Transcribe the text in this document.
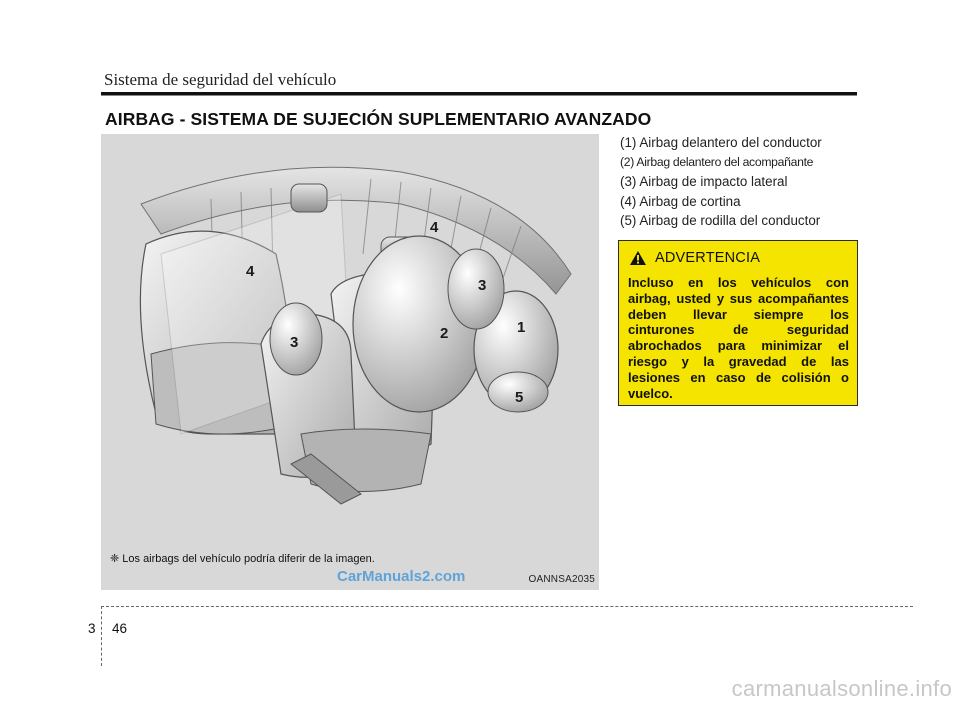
Sistema de seguridad del vehículo
AIRBAG - SISTEMA DE SUJECIÓN SUPLEMENTARIO AVANZADO
4
4
3
3
2	1
5
❈ Los airbags del vehículo podría diferir de la imagen.
OANNSA2035
CarManuals2.com
(1) Airbag delantero del conductor
(2) Airbag delantero del acompañante
(3) Airbag de impacto lateral
(4) Airbag de cortina
(5) Airbag de rodilla del conductor
ADVERTENCIA
Incluso en los vehículos con airbag, usted y sus acompañantes deben llevar siempre los cinturones de seguridad abrochados para minimizar el riesgo y la gravedad de las lesiones en caso de colisión o vuelco.
3 46
carmanualsonline.info
